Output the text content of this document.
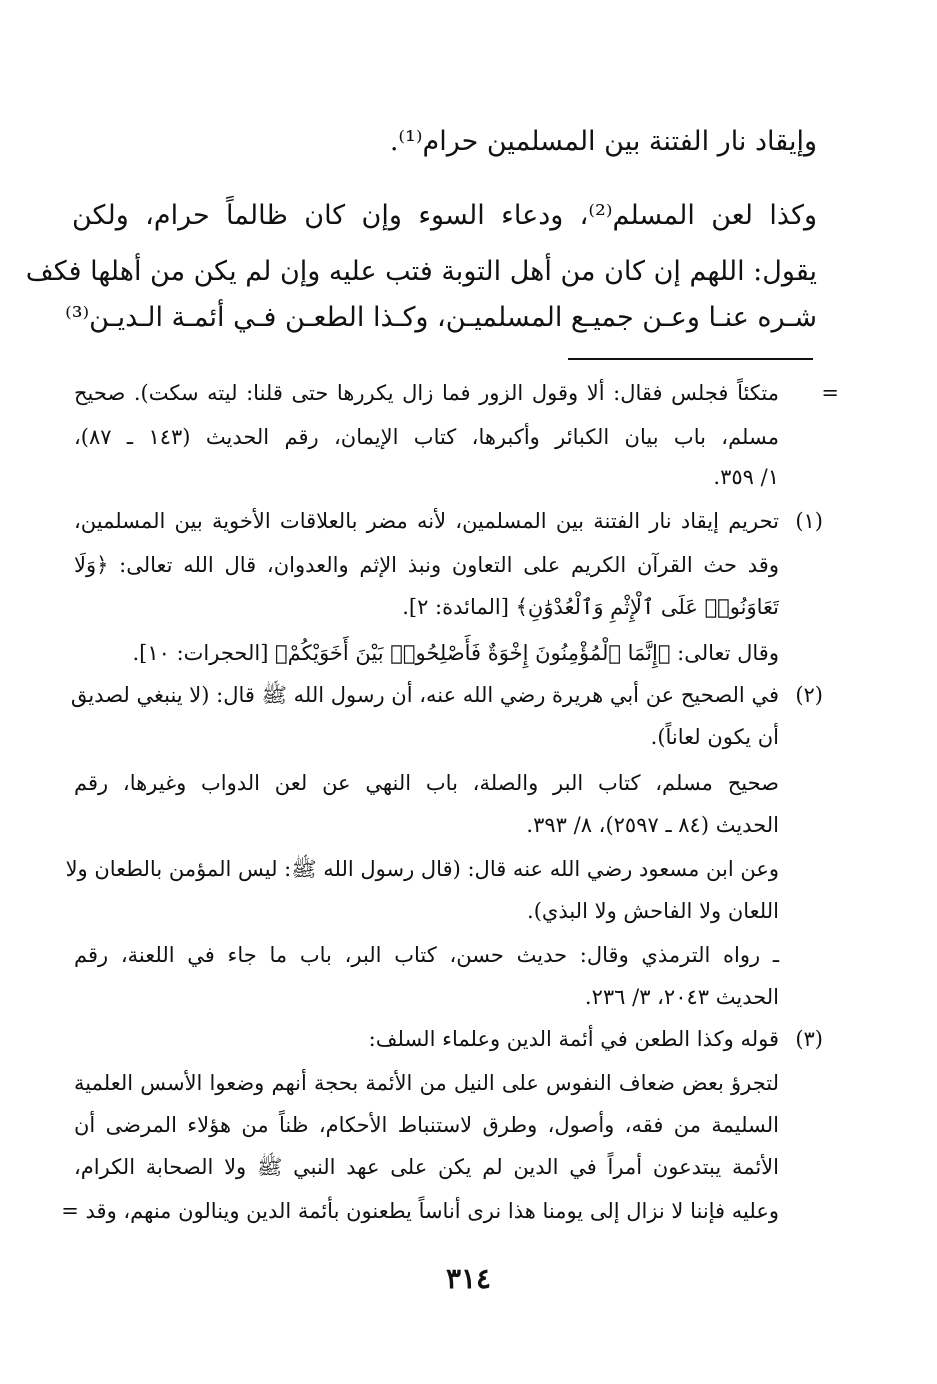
وإيقاد نار الفتنة بين المسلمين حرام⁽¹⁾.
وكذا لعن المسلم⁽²⁾، ودعاء السوء وإن كان ظالماً حرام، ولكن
يقول: اللهم إن كان من أهل التوبة فتب عليه وإن لم يكن من أهلها فكف
شـره عنـا وعـن جميـع المسلميـن، وكـذا الطعـن فـي أئمـة الـديـن⁽³⁾
=
متكئاً فجلس فقال: ألا وقول الزور فما زال يكررها حتى قلنا: ليته سكت). صحيح
مسلم، باب بيان الكبائر وأكبرها، كتاب الإيمان، رقم الحديث (١٤٣ ـ ٨٧)،
١/ ٣٥٩.
(١)
تحريم إيقاد نار الفتنة بين المسلمين، لأنه مضر بالعلاقات الأخوية بين المسلمين،
وقد حث القرآن الكريم على التعاون ونبذ الإثم والعدوان، قال الله تعالى: ﴿وَلَا
تَعَاوَنُوا۟ عَلَى ٱلْإِثْمِ وَٱلْعُدْوَٰنِ﴾ [المائدة: ٢].
وقال تعالى: ﴿إِنَّمَا ٱلْمُؤْمِنُونَ إِخْوَةٌ فَأَصْلِحُوا۟ بَيْنَ أَخَوَيْكُمْ﴾ [الحجرات: ١٠].
(٢)
في الصحيح عن أبي هريرة رضي الله عنه، أن رسول الله ﷺ قال: (لا ينبغي لصديق
أن يكون لعاناً).
صحيح مسلم، كتاب البر والصلة، باب النهي عن لعن الدواب وغيرها، رقم
الحديث (٨٤ ـ ٢٥٩٧)، ٨/ ٣٩٣.
وعن ابن مسعود رضي الله عنه قال: (قال رسول الله ﷺ: ليس المؤمن بالطعان ولا
اللعان ولا الفاحش ولا البذي).
ـ رواه الترمذي وقال: حديث حسن، كتاب البر، باب ما جاء في اللعنة، رقم
الحديث ٢٠٤٣، ٣/ ٢٣٦.
(٣)
قوله وكذا الطعن في أئمة الدين وعلماء السلف:
لتجرؤ بعض ضعاف النفوس على النيل من الأئمة بحجة أنهم وضعوا الأسس العلمية
السليمة من فقه، وأصول، وطرق لاستنباط الأحكام، ظناً من هؤلاء المرضى أن
الأئمة يبتدعون أمراً في الدين لم يكن على عهد النبي ﷺ ولا الصحابة الكرام،
وعليه فإننا لا نزال إلى يومنا هذا نرى أناساً يطعنون بأئمة الدين وينالون منهم، وقد =
٣١٤
